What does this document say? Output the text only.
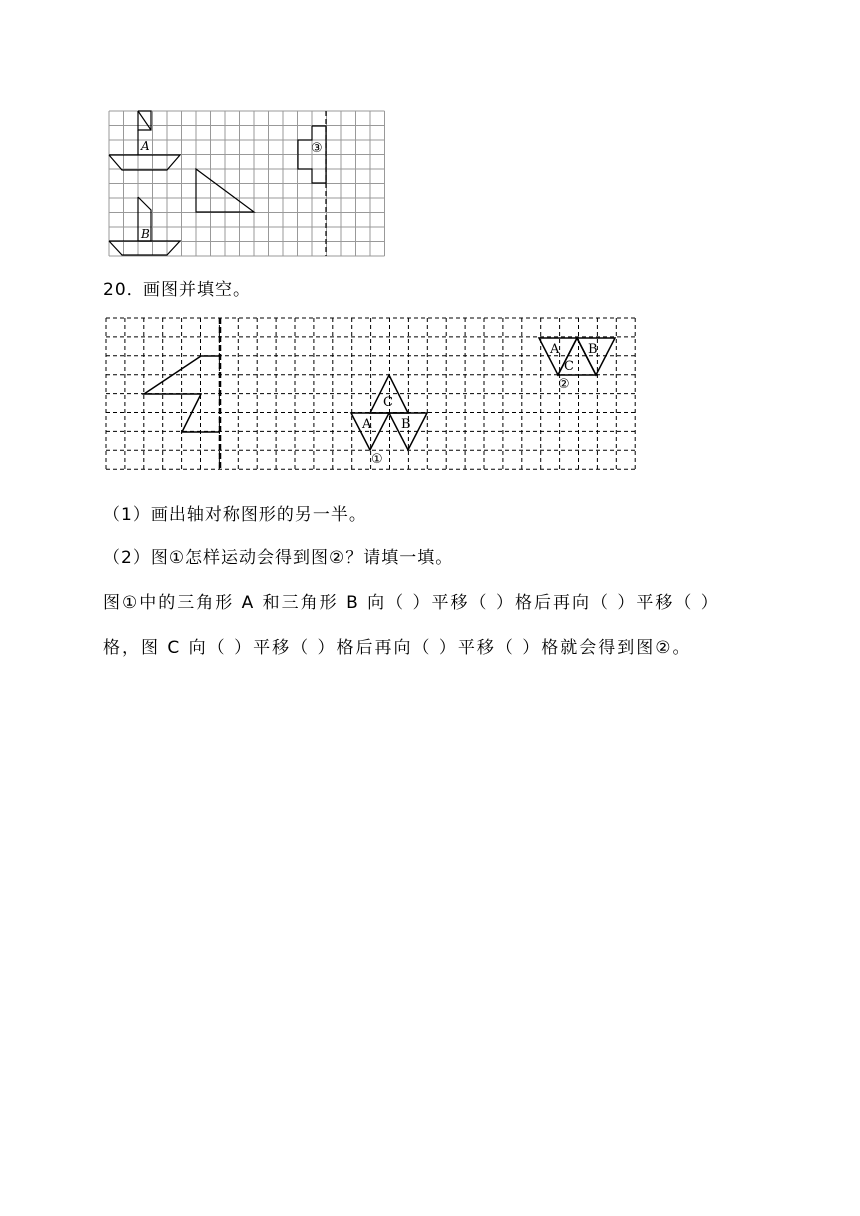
A
B
③
20．
画图并填空。
C
A B
①
A B
C
②
（1）画出轴对称图形的另一半。
（2）图①怎样运动会得到图②？请填一填。
图①中的三角形 A 和三角形 B 向（ ）平移（ ）格后再向（ ）平移（ ）
格，图 C 向（ ）平移（ ）格后再向（ ）平移（ ）格就会得到图②。
